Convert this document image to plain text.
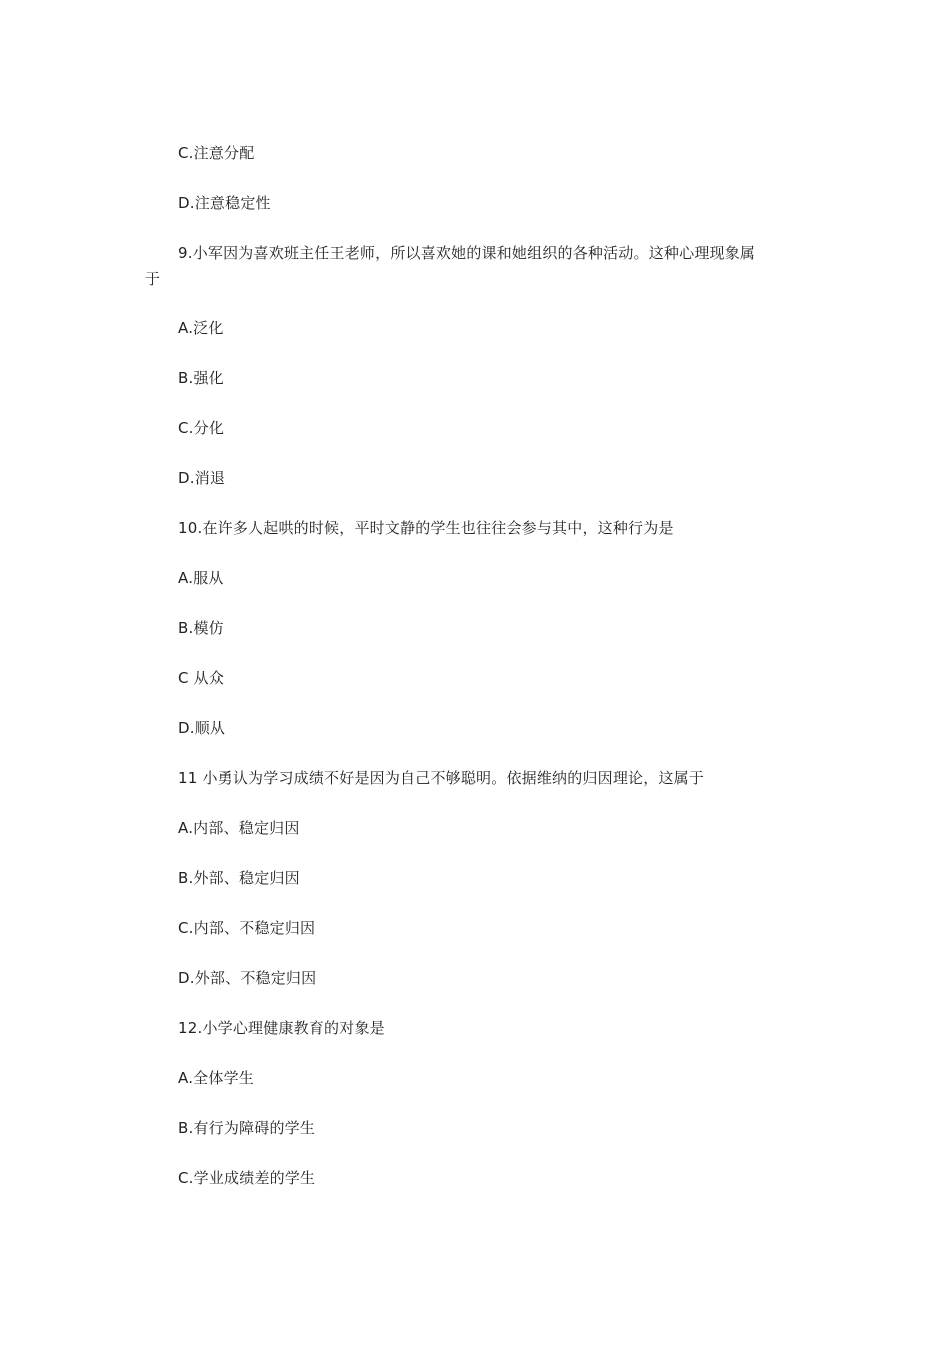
C.注意分配
D.注意稳定性
9.小军因为喜欢班主任王老师，所以喜欢她的课和她组织的各种活动。这种心理现象属
于
A.泛化
B.强化
C.分化
D.消退
10.在许多人起哄的时候，平时文静的学生也往往会参与其中，这种行为是
A.服从
B.模仿
C 从众
D.顺从
11 小勇认为学习成绩不好是因为自己不够聪明。依据维纳的归因理论，这属于
A.内部、稳定归因
B.外部、稳定归因
C.内部、不稳定归因
D.外部、不稳定归因
12.小学心理健康教育的对象是
A.全体学生
B.有行为障碍的学生
C.学业成绩差的学生
